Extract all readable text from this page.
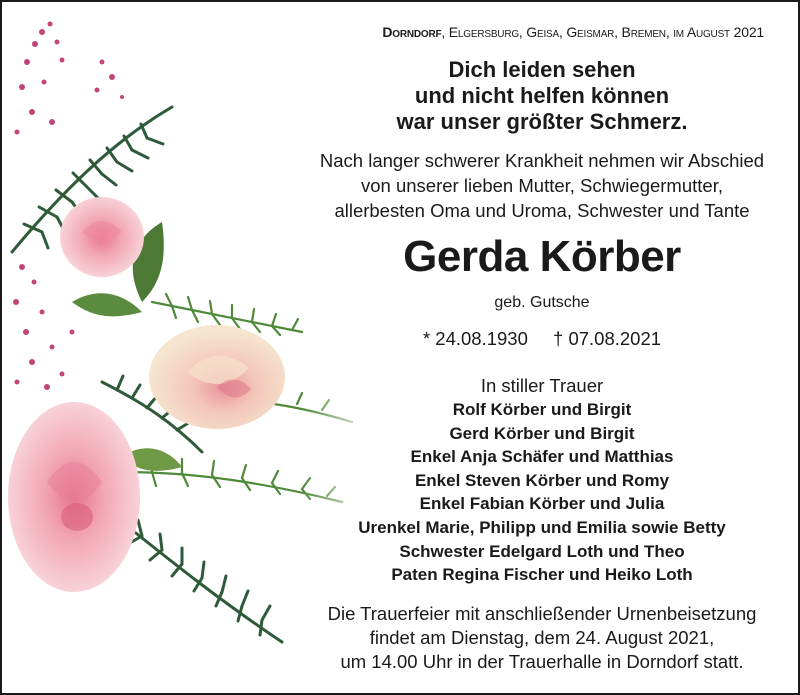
Dorndorf, Elgersburg, Geisa, Geismar, Bremen, im August 2021
Dich leiden sehen
und nicht helfen können
war unser größter Schmerz.
Nach langer schwerer Krankheit nehmen wir Abschied
von unserer lieben Mutter, Schwiegermutter,
allerbesten Oma und Uroma, Schwester und Tante
Gerda Körber
geb. Gutsche
* 24.08.1930 † 07.08.2021
In stiller Trauer
Rolf Körber und Birgit
Gerd Körber und Birgit
Enkel Anja Schäfer und Matthias
Enkel Steven Körber und Romy
Enkel Fabian Körber und Julia
Urenkel Marie, Philipp und Emilia sowie Betty
Schwester Edelgard Loth und Theo
Paten Regina Fischer und Heiko Loth
Die Trauerfeier mit anschließender Urnenbeisetzung
findet am Dienstag, dem 24. August 2021,
um 14.00 Uhr in der Trauerhalle in Dorndorf statt.
